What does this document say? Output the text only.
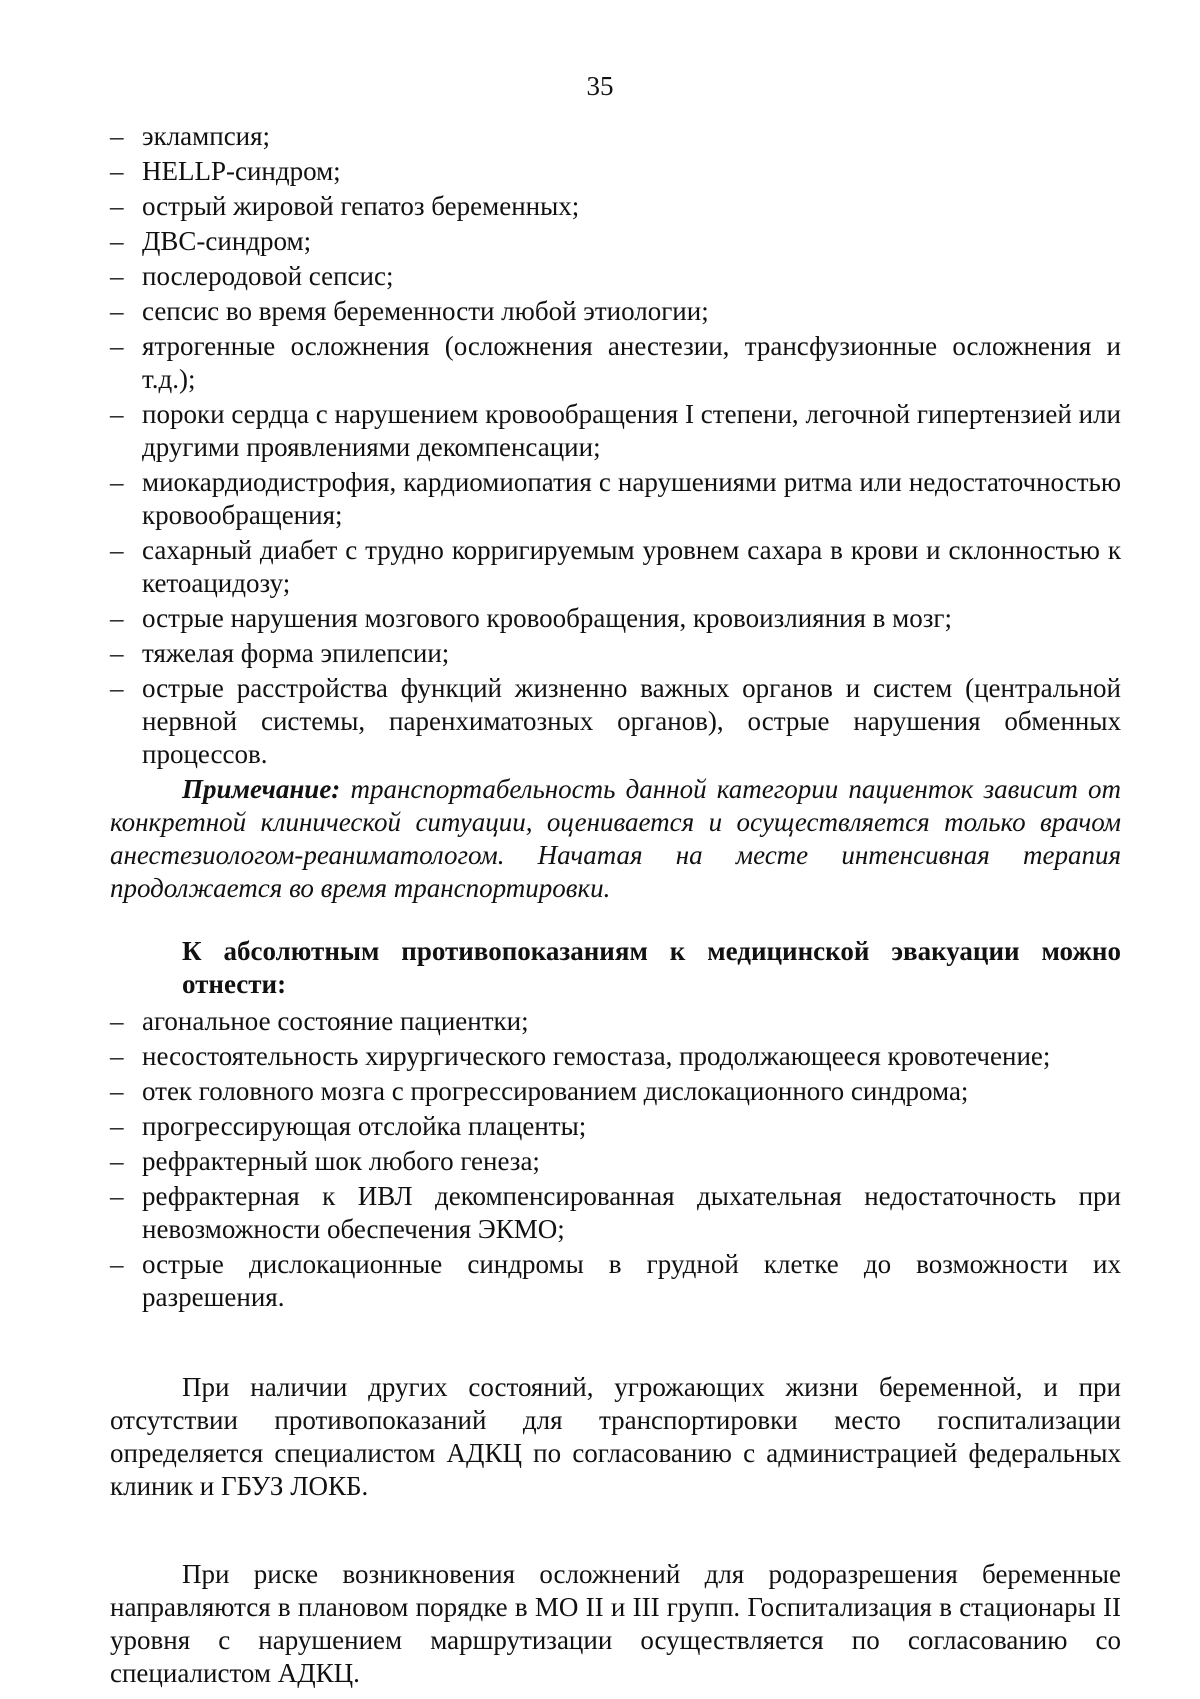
35
– эклампсия;
– HELLP-синдром;
– острый жировой гепатоз беременных;
– ДВС-синдром;
– послеродовой сепсис;
– сепсис во время беременности любой этиологии;
– ятрогенные осложнения (осложнения анестезии, трансфузионные осложнения и т.д.);
– пороки сердца с нарушением кровообращения I степени, легочной гипертензией или другими проявлениями декомпенсации;
– миокардиодистрофия, кардиомиопатия с нарушениями ритма или недостаточностью кровообращения;
– сахарный диабет с трудно корригируемым уровнем сахара в крови и склонностью к кетоацидозу;
– острые нарушения мозгового кровообращения, кровоизлияния в мозг;
– тяжелая форма эпилепсии;
– острые расстройства функций жизненно важных органов и систем (центральной нервной системы, паренхиматозных органов), острые нарушения обменных процессов.

Примечание: транспортабельность данной категории пациенток зависит от конкретной клинической ситуации, оценивается и осуществляется только врачом анестезиологом-реаниматологом. Начатая на месте интенсивная терапия продолжается во время транспортировки.

К абсолютным противопоказаниям к медицинской эвакуации можно отнести:

– агональное состояние пациентки;
– несостоятельность хирургического гемостаза, продолжающееся кровотечение;
– отек головного мозга с прогрессированием дислокационного синдрома;
– прогрессирующая отслойка плаценты;
– рефрактерный шок любого генеза;
– рефрактерная к ИВЛ декомпенсированная дыхательная недостаточность при невозможности обеспечения ЭКМО;
– острые дислокационные синдромы в грудной клетке до возможности их разрешения.

При наличии других состояний, угрожающих жизни беременной, и при отсутствии противопоказаний для транспортировки место госпитализации определяется специалистом АДКЦ по согласованию с администрацией федеральных клиник и ГБУЗ ЛОКБ.

При риске возникновения осложнений для родоразрешения беременные направляются в плановом порядке в МО II и III групп. Госпитализация в стационары II уровня с нарушением маршрутизации осуществляется по согласованию со специалистом АДКЦ.
